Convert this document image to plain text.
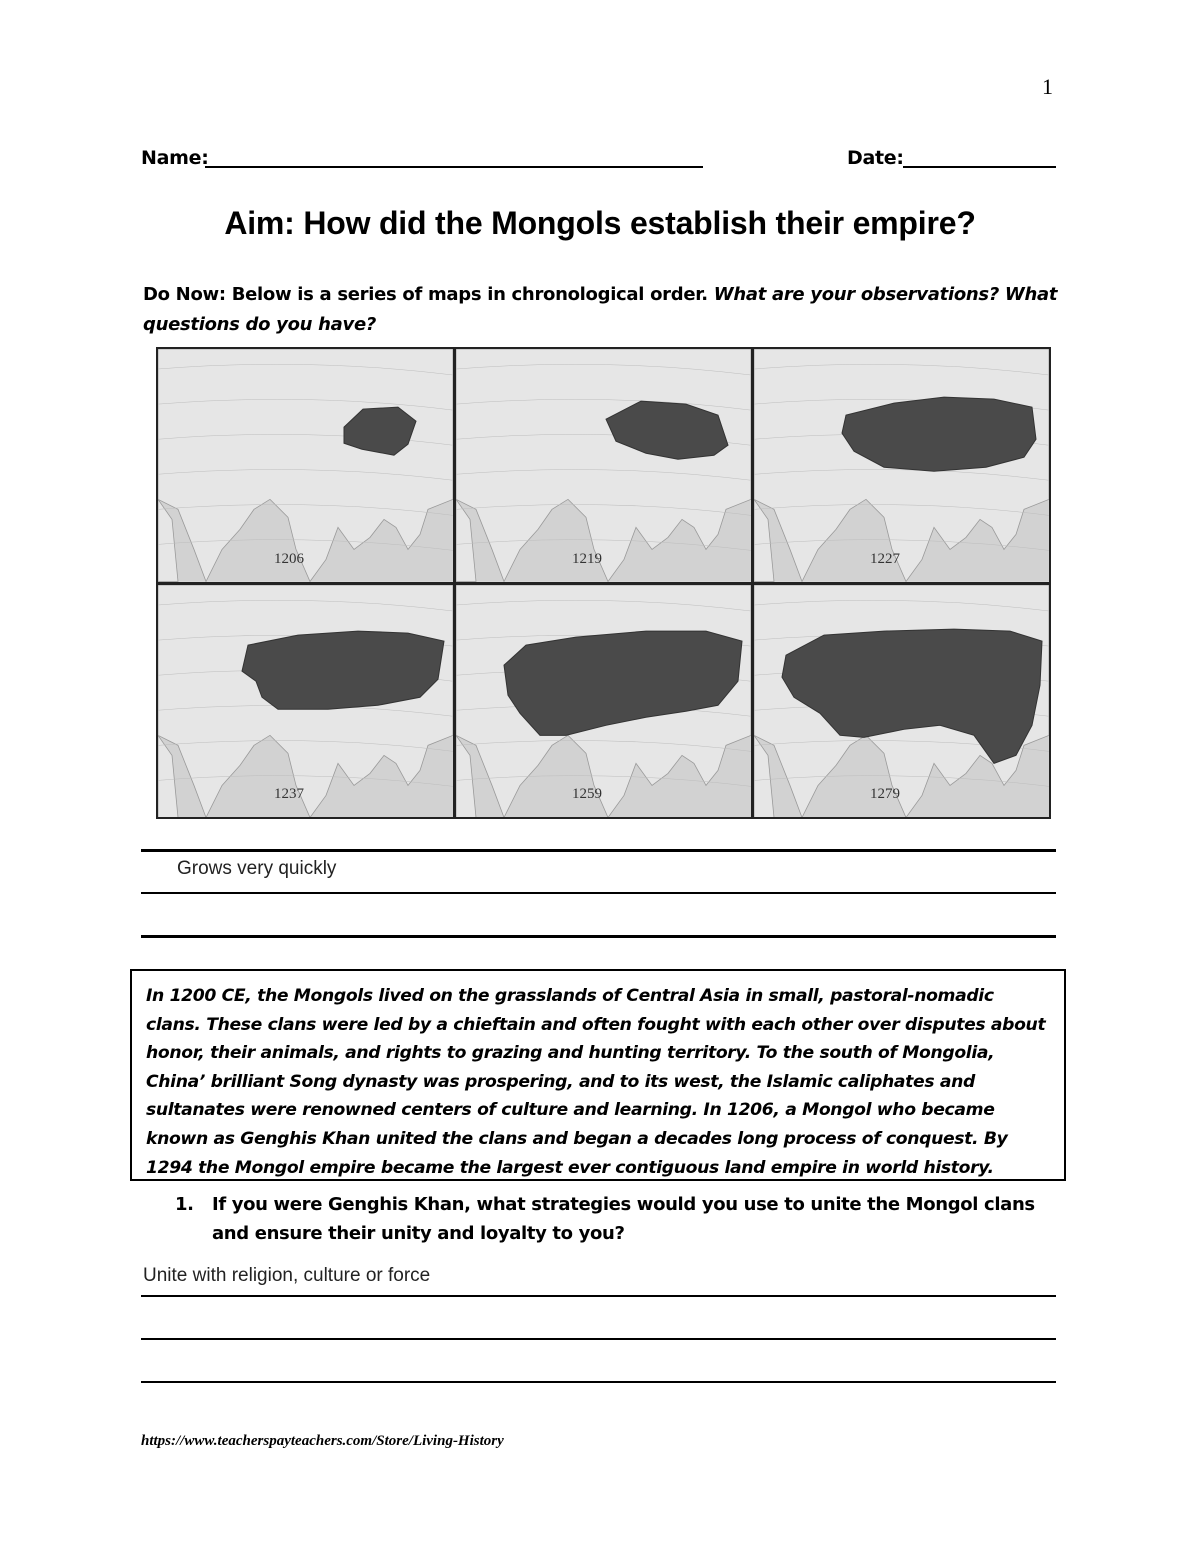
1
Name:	Date:
Aim: How did the Mongols establish their empire?
Do Now: Below is a series of maps in chronological order. What are your observations? What questions do you have?
1206	1219	1227
1237	1259	1279
Grows very quickly
In 1200 CE, the Mongols lived on the grasslands of Central Asia in small, pastoral-nomadic clans. These clans were led by a chieftain and often fought with each other over disputes about honor, their animals, and rights to grazing and hunting territory. To the south of Mongolia, China’ brilliant Song dynasty was prospering, and to its west, the Islamic caliphates and sultanates were renowned centers of culture and learning. In 1206, a Mongol who became known as Genghis Khan united the clans and began a decades long process of conquest. By 1294 the Mongol empire became the largest ever contiguous land empire in world history.
1. If you were Genghis Khan, what strategies would you use to unite the Mongol clans and ensure their unity and loyalty to you?
Unite with religion, culture or force
https://www.teacherspayteachers.com/Store/Living-History
